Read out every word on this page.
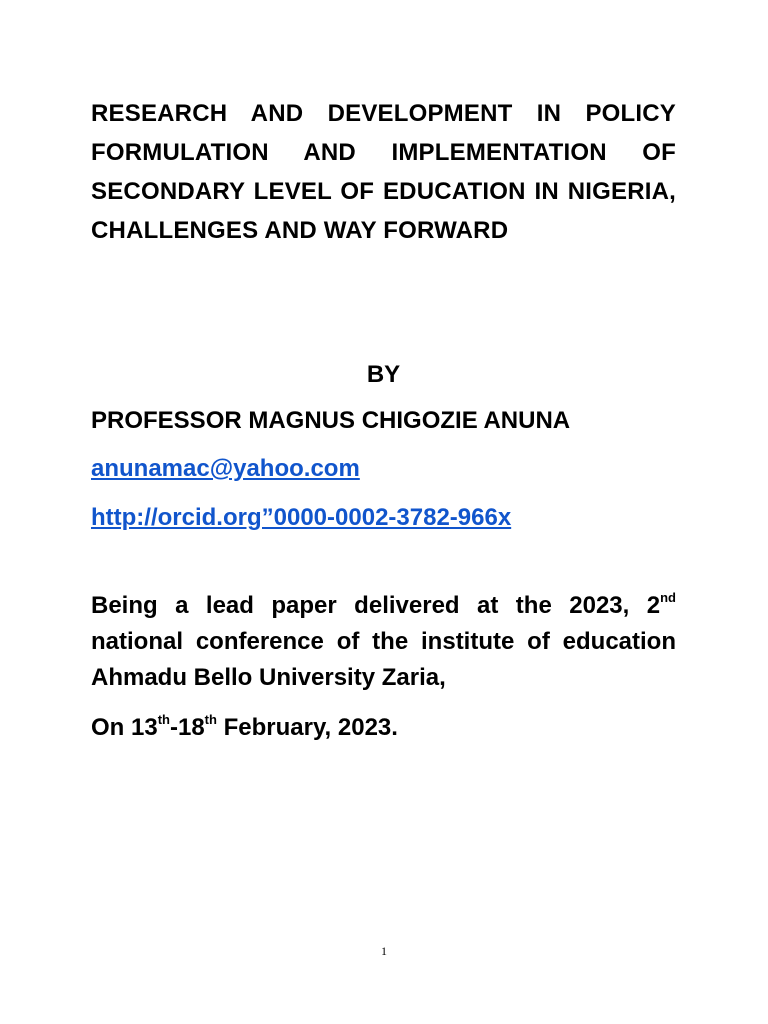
RESEARCH AND DEVELOPMENT IN POLICY FORMULATION AND IMPLEMENTATION OF SECONDARY LEVEL OF EDUCATION IN NIGERIA, CHALLENGES AND WAY FORWARD
BY
PROFESSOR MAGNUS CHIGOZIE ANUNA
anunamac@yahoo.com
http://orcid.org”0000-0002-3782-966x
Being a lead paper delivered at the 2023, 2nd national conference of the institute of education Ahmadu Bello University Zaria,
On 13th-18th February, 2023.
1
